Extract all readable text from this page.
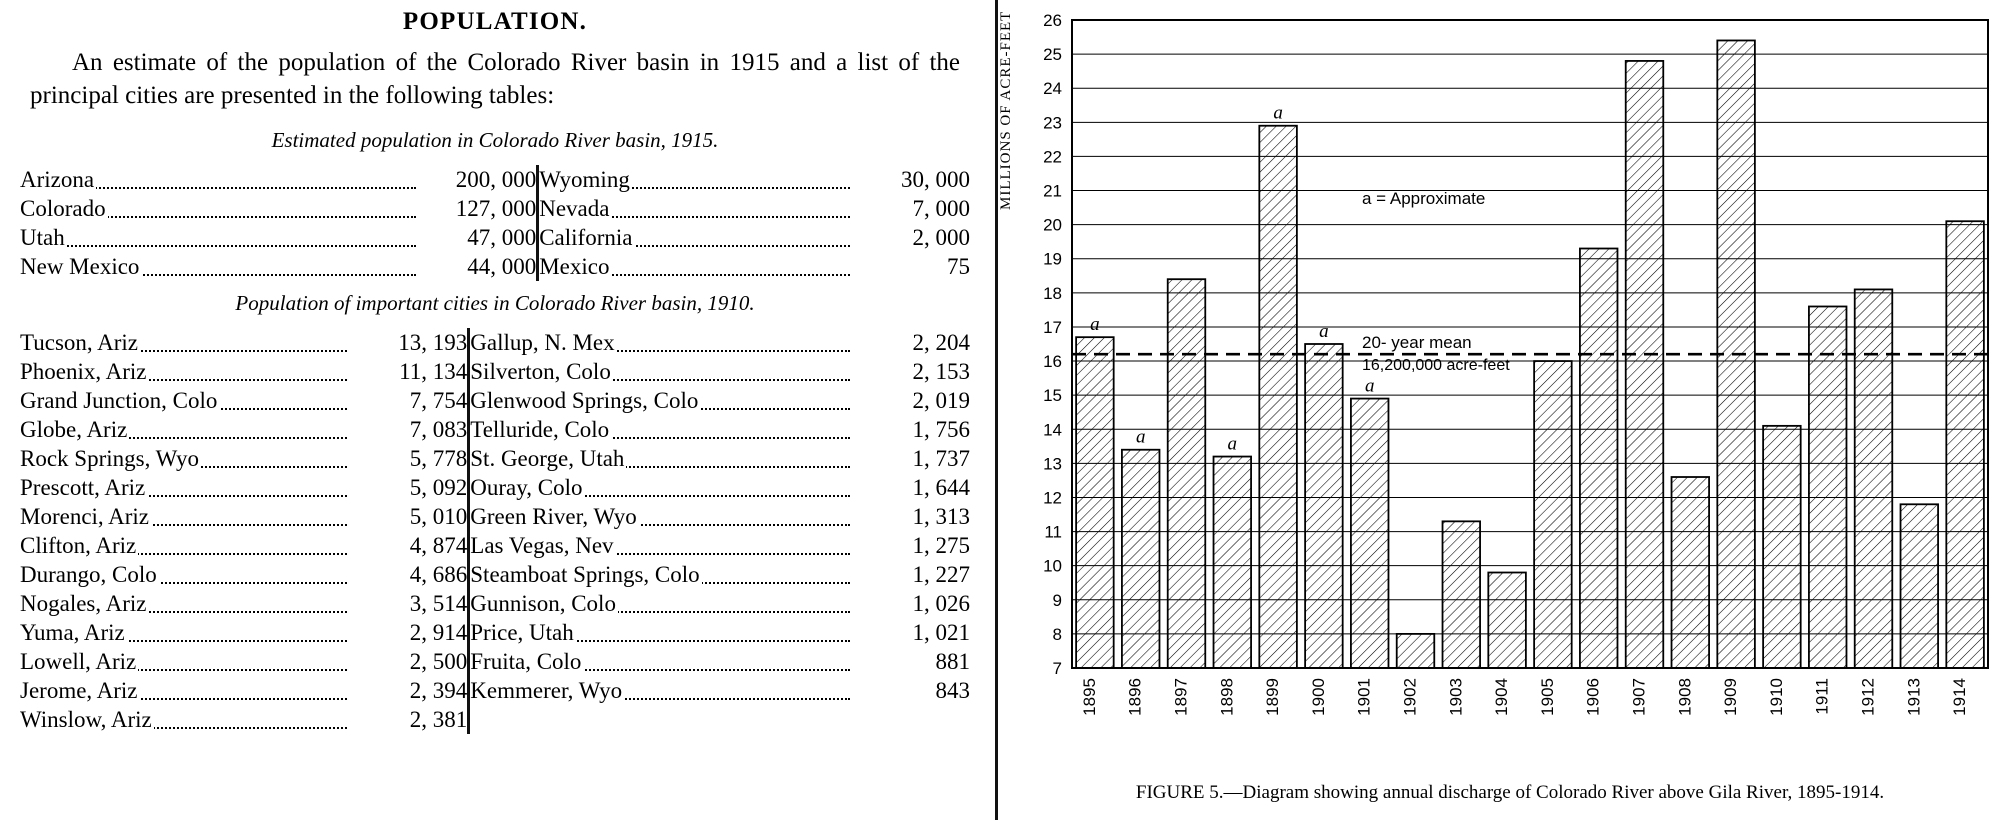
POPULATION.
An estimate of the population of the Colorado River basin in 1915 and a list of the principal cities are presented in the following tables:
Estimated population in Colorado River basin, 1915.
Arizona	200, 000		Wyoming	30, 000

Colorado	127, 000		Nevada	7, 000

Utah	47, 000		California	2, 000

New Mexico	44, 000		Mexico	75
Population of important cities in Colorado River basin, 1910.
Tucson, Ariz	13, 193		Gallup, N. Mex	2, 204

Phoenix, Ariz	11, 134		Silverton, Colo	2, 153

Grand Junction, Colo	7, 754		Glenwood Springs, Colo	2, 019

Globe, Ariz	7, 083		Telluride, Colo	1, 756

Rock Springs, Wyo	5, 778		St. George, Utah	1, 737

Prescott, Ariz	5, 092		Ouray, Colo	1, 644

Morenci, Ariz	5, 010		Green River, Wyo	1, 313

Clifton, Ariz	4, 874		Las Vegas, Nev	1, 275

Durango, Colo	4, 686		Steamboat Springs, Colo	1, 227

Nogales, Ariz	3, 514		Gunnison, Colo	1, 026

Yuma, Ariz	2, 914		Price, Utah	1, 021

Lowell, Ariz	2, 500		Fruita, Colo	881

Jerome, Ariz	2, 394		Kemmerer, Wyo	843

Winslow, Ariz	2, 381			
MILLIONS OF ACRE-FEET
7
8
9
10
11
12
13
14
15
16
17
18
19
20
21
22
23
24
25
26
a
1895
a
1896 1897
a
1898
a
1899
a
1900
a
1901 1902 1903 1904 1905 1906 1907 1908 1909 1910 1911 1912 1913 1914
a = Approximate
20- year mean
16,200,000 acre-feet
FIGURE 5.—Diagram showing annual discharge of Colorado River above Gila River, 1895-1914.
